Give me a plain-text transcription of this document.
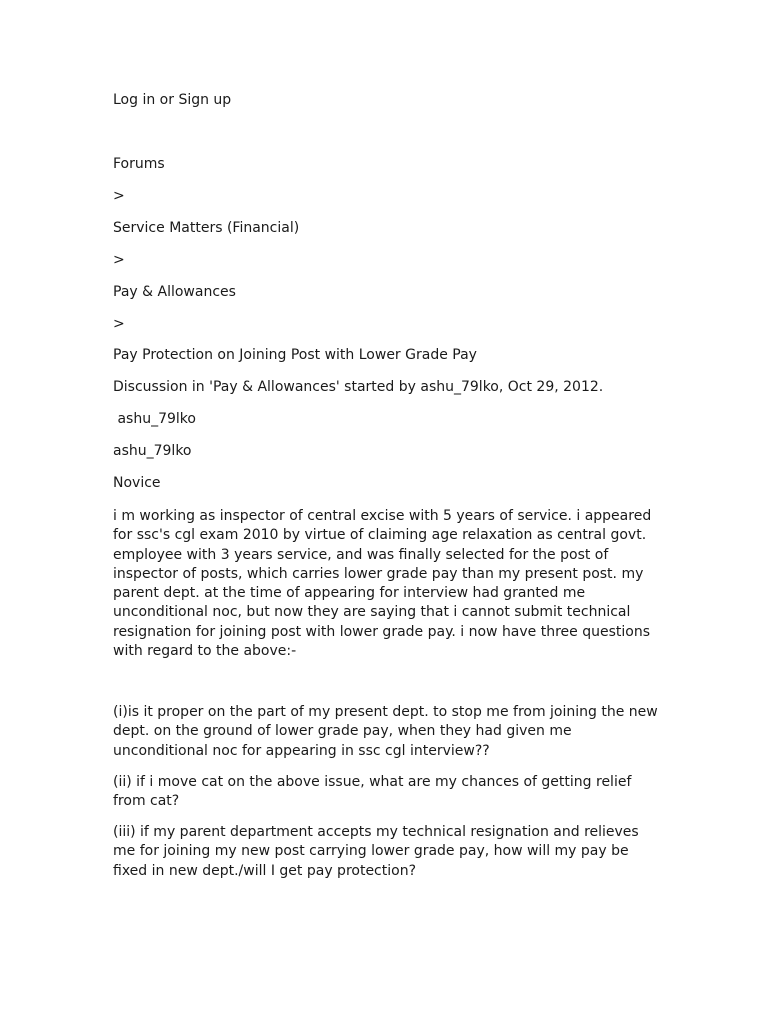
Log in or Sign up
Forums
>
Service Matters (Financial)
>
Pay & Allowances
>
Pay Protection on Joining Post with Lower Grade Pay
Discussion in 'Pay & Allowances' started by ashu_79lko, Oct 29, 2012.
ashu_79lko
ashu_79lko
Novice
i m working as inspector of central excise with 5 years of service. i appeared for ssc's cgl exam 2010 by virtue of claiming age relaxation as central govt. employee with 3 years service, and was finally selected for the post of inspector of posts, which carries lower grade pay than my present post. my parent dept. at the time of appearing for interview had granted me unconditional noc, but now they are saying that i cannot submit technical resignation for joining post with lower grade pay. i now have three questions with regard to the above:-
(i)is it proper on the part of my present dept. to stop me from joining the new dept. on the ground of lower grade pay, when they had given me unconditional noc for appearing in ssc cgl interview??
(ii) if i move cat on the above issue, what are my chances of getting relief from cat?
(iii) if my parent department accepts my technical resignation and relieves me for joining my new post carrying lower grade pay, how will my pay be fixed in new dept./will I get pay protection?
